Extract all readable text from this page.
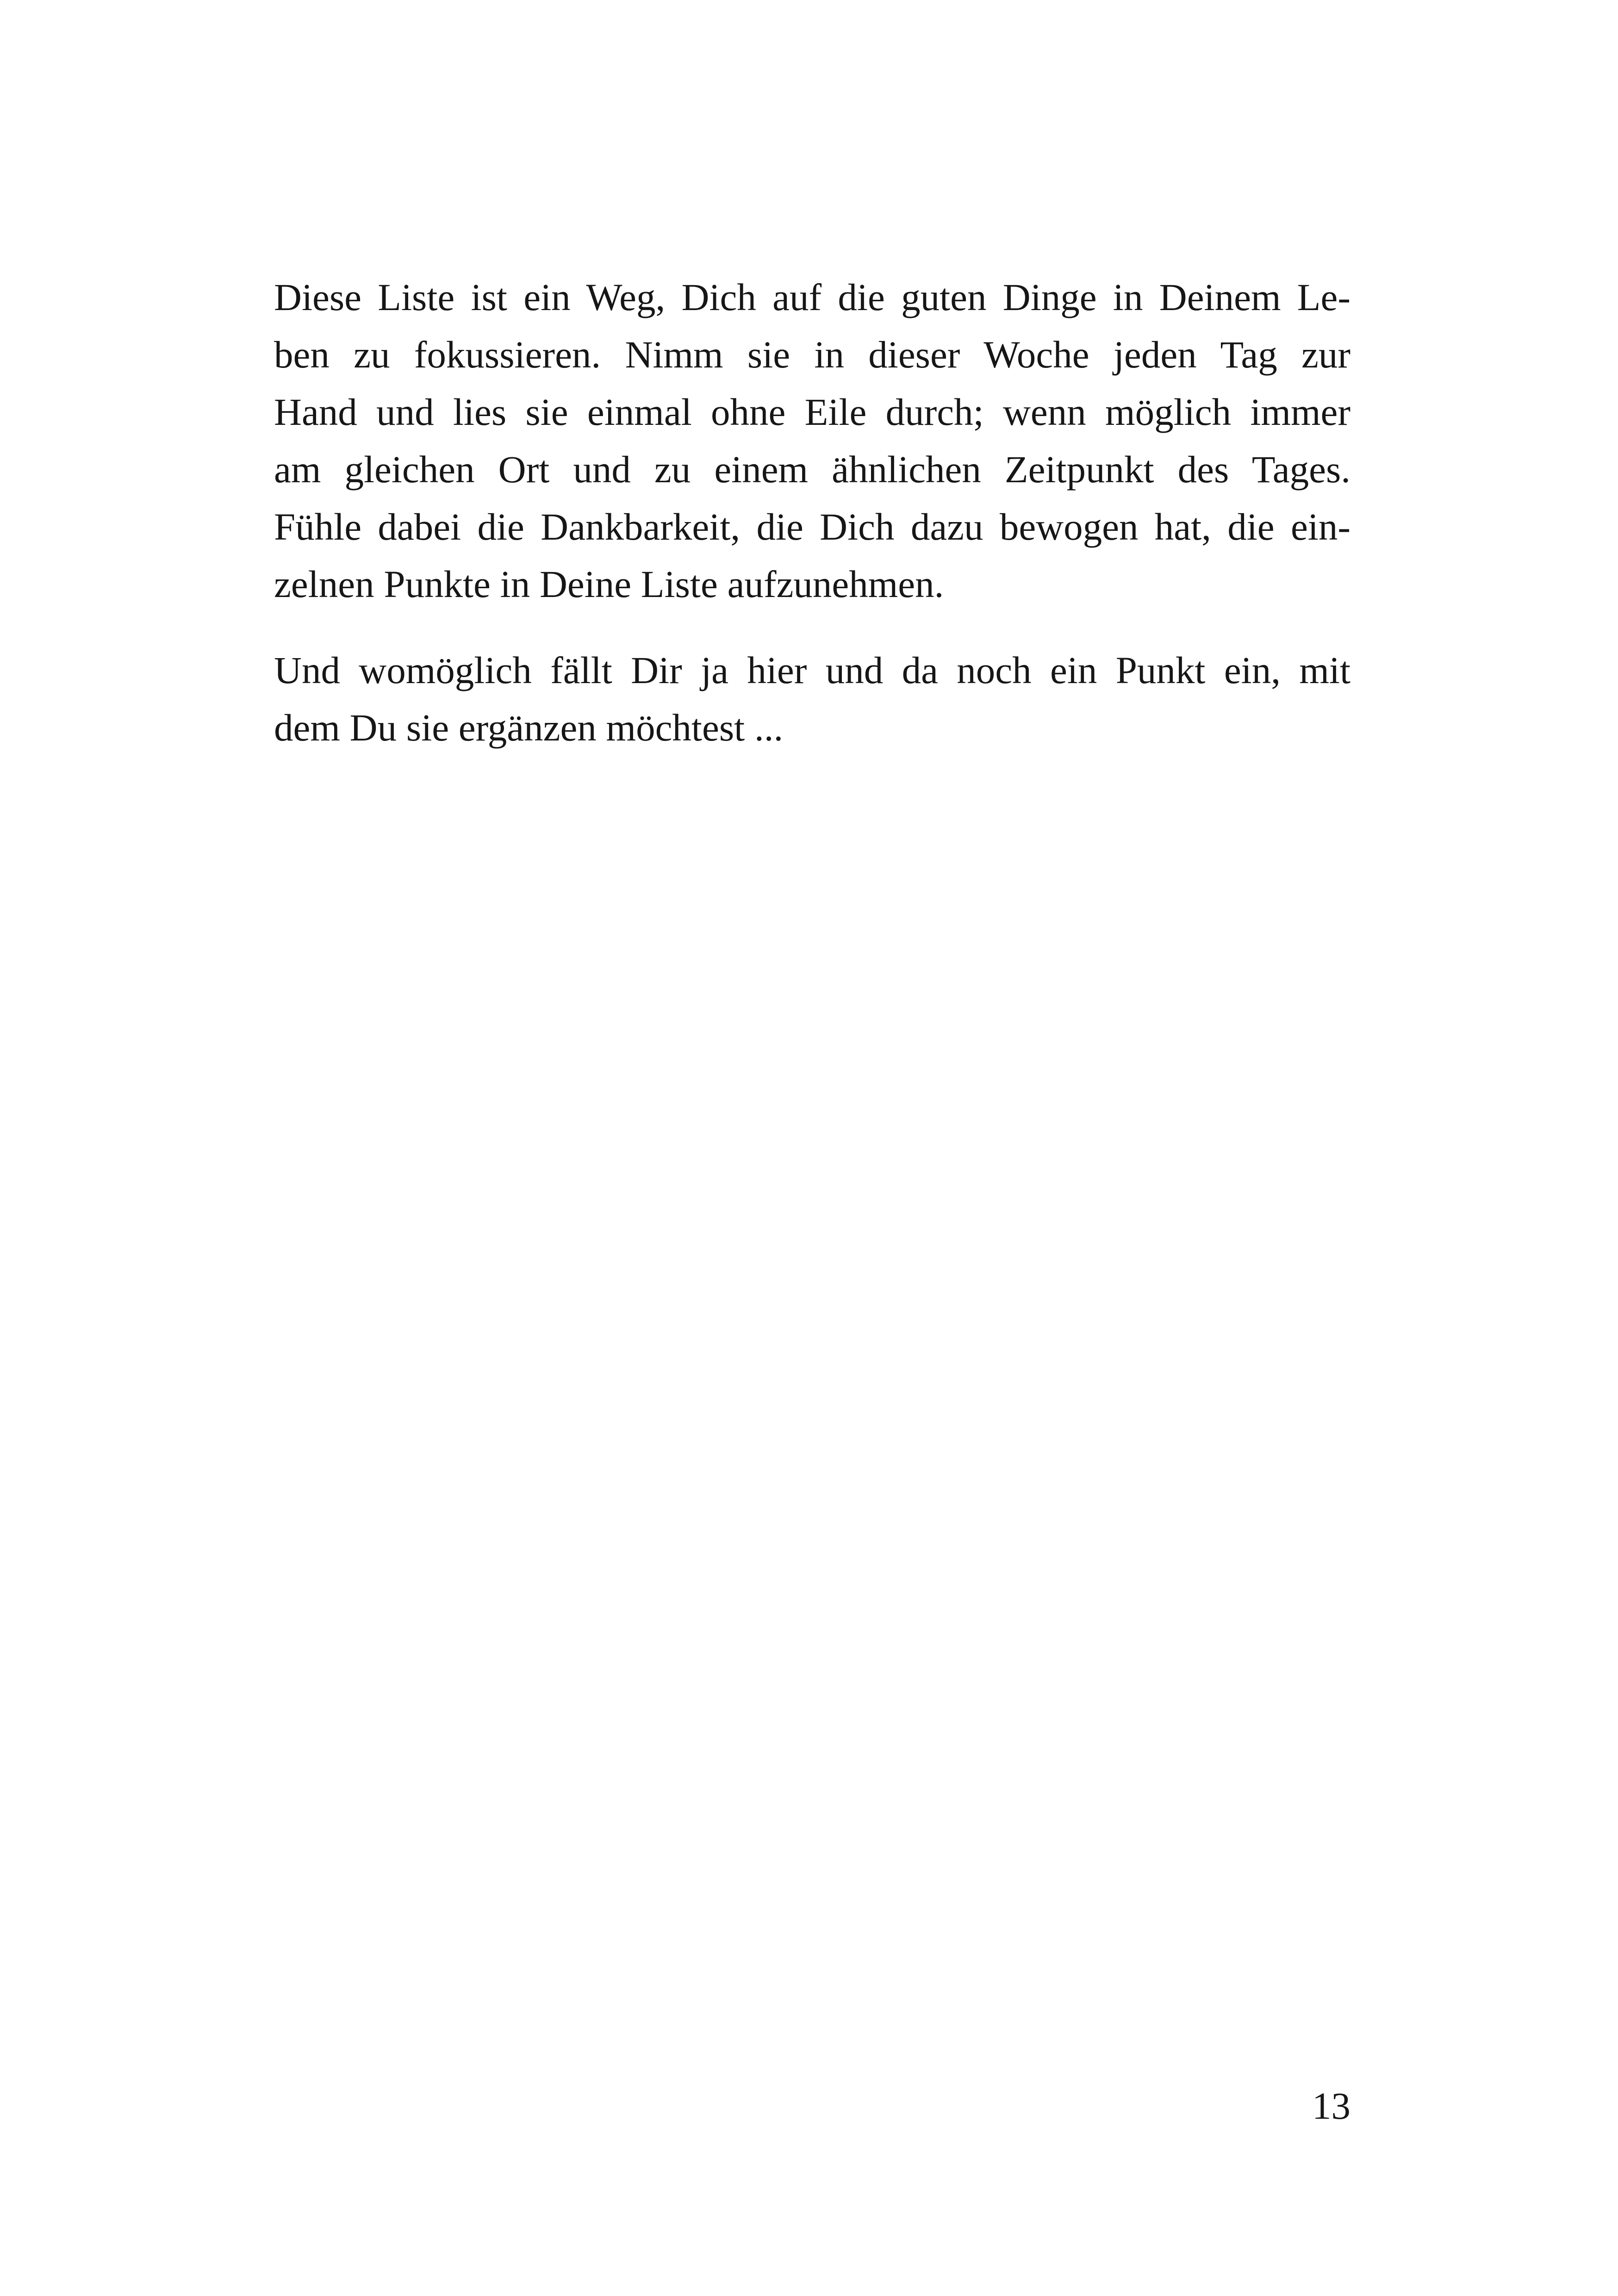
Diese Liste ist ein Weg, Dich auf die guten Dinge in Deinem Le-
ben zu fokussieren. Nimm sie in dieser Woche jeden Tag zur
Hand und lies sie einmal ohne Eile durch; wenn möglich immer
am gleichen Ort und zu einem ähnlichen Zeitpunkt des Tages.
Fühle dabei die Dankbarkeit, die Dich dazu bewogen hat, die ein-
zelnen Punkte in Deine Liste aufzunehmen.
Und womöglich fällt Dir ja hier und da noch ein Punkt ein, mit
dem Du sie ergänzen möchtest ...
13
